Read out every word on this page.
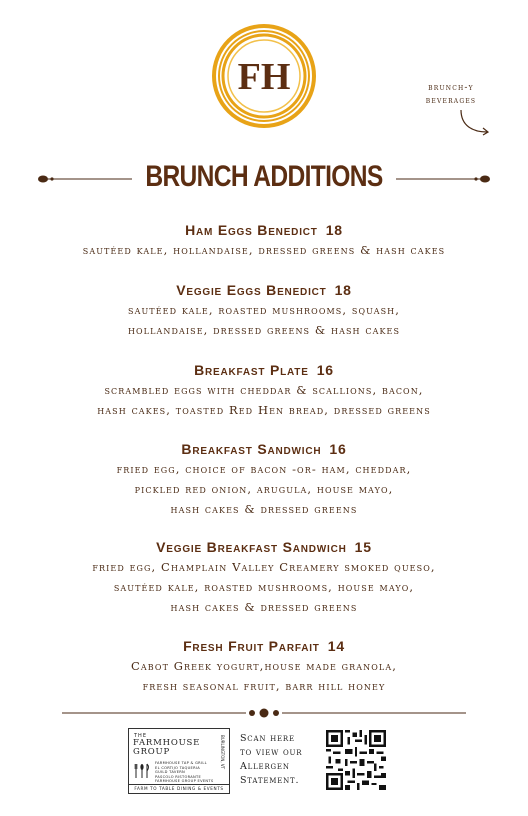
FH	brunch-y
beverages
BRUNCH ADDITIONS
Ham Eggs Benedict 18
sautéed kale, hollandaise, dressed greens & hash cakes
Veggie Eggs Benedict 18
sautéed kale, roasted mushrooms, squash,
hollandaise, dressed greens & hash cakes
Breakfast Plate 16
scrambled eggs with cheddar & scallions, bacon,
hash cakes, toasted Red Hen bread, dressed greens
Breakfast Sandwich 16
fried egg, choice of bacon -or- ham, cheddar,
pickled red onion, arugula, house mayo,
hash cakes & dressed greens
Veggie Breakfast Sandwich 15
fried egg, Champlain Valley Creamery smoked queso,
sautéed kale, roasted mushrooms, house mayo,
hash cakes & dressed greens
Fresh Fruit Parfait 14
Cabot Greek yogurt,house made granola,
fresh seasonal fruit, barr hill honey
THE
FARMHOUSE
GROUP	BURLINGTON, VT
FARMHOUSE TAP & GRILL
EL CORTIJO TAQUERIA
GUILD TAVERN
PASCOLO RISTORANTE
FARMHOUSE GROUP EVENTS
FARM TO TABLE DINING & EVENTS
Scan here
to view our
Allergen
Statement.
